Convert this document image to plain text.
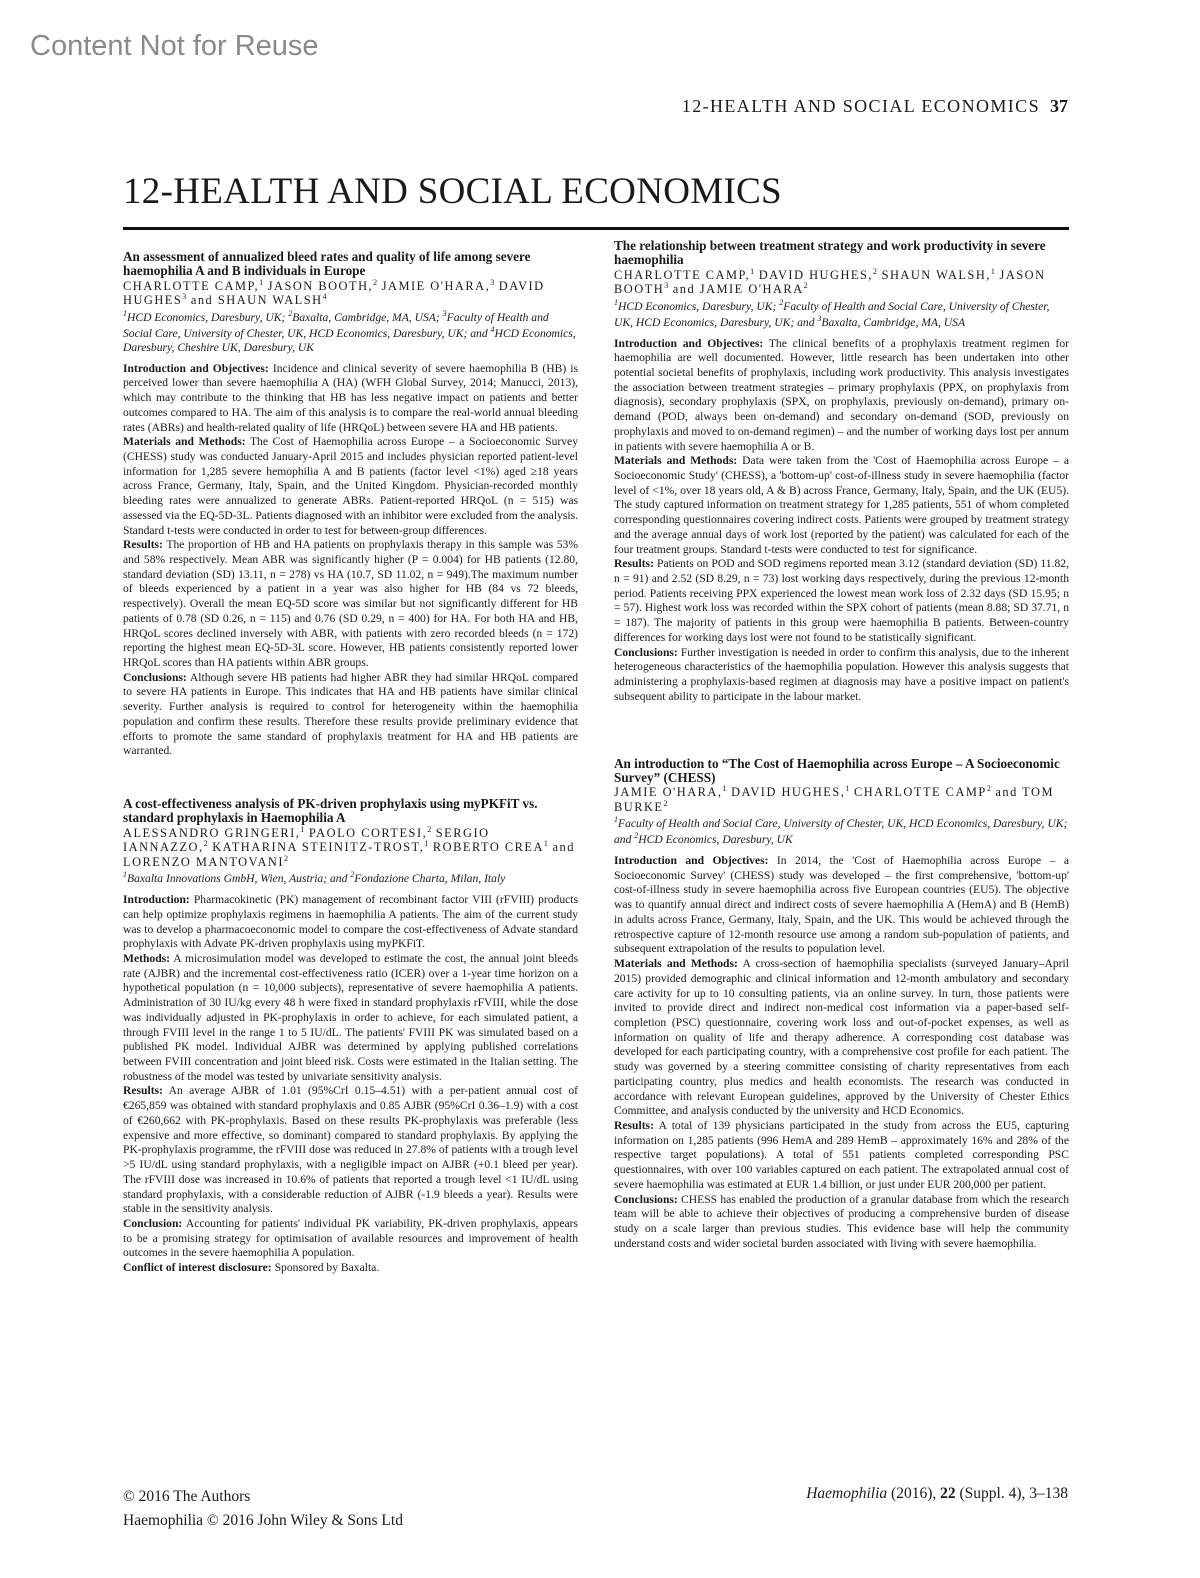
Content Not for Reuse
12-HEALTH AND SOCIAL ECONOMICS 37
12-HEALTH AND SOCIAL ECONOMICS
An assessment of annualized bleed rates and quality of life among severe haemophilia A and B individuals in Europe
CHARLOTTE CAMP,$^1$ JASON BOOTH,$^2$ JAMIE O'HARA,$^3$ DAVID HUGHES$^3$ and SHAUN WALSH$^4$
$^1$HCD Economics, Daresbury, UK; $^2$Baxalta, Cambridge, MA, USA; $^3$Faculty of Health and Social Care, University of Chester, UK, HCD Economics, Daresbury, UK; and $^4$HCD Economics, Daresbury, Cheshire UK, Daresbury, UK

Introduction and Objectives: Incidence and clinical severity of severe haemophilia B (HB) is perceived lower than severe haemophilia A (HA) (WFH Global Survey, 2014; Manucci, 2013), which may contribute to the thinking that HB has less negative impact on patients and better outcomes compared to HA. The aim of this analysis is to compare the real-world annual bleeding rates (ABRs) and health-related quality of life (HRQoL) between severe HA and HB patients.

Materials and Methods: The Cost of Haemophilia across Europe – a Socioeconomic Survey (CHESS) study was conducted January-April 2015 and includes physician reported patient-level information for 1,285 severe hemophilia A and B patients (factor level <1%) aged ≥18 years across France, Germany, Italy, Spain, and the United Kingdom. Physician-recorded monthly bleeding rates were annualized to generate ABRs. Patient-reported HRQoL (n = 515) was assessed via the EQ-5D-3L. Patients diagnosed with an inhibitor were excluded from the analysis. Standard t-tests were conducted in order to test for between-group differences.

Results: The proportion of HB and HA patients on prophylaxis therapy in this sample was 53% and 58% respectively. Mean ABR was significantly higher (P = 0.004) for HB patients (12.80, standard deviation (SD) 13.11, n = 278) vs HA (10.7, SD 11.02, n = 949).The maximum number of bleeds experienced by a patient in a year was also higher for HB (84 vs 72 bleeds, respectively). Overall the mean EQ-5D score was similar but not significantly different for HB patients of 0.78 (SD 0.26, n = 115) and 0.76 (SD 0.29, n = 400) for HA. For both HA and HB, HRQoL scores declined inversely with ABR, with patients with zero recorded bleeds (n = 172) reporting the highest mean EQ-5D-3L score. However, HB patients consistently reported lower HRQoL scores than HA patients within ABR groups.

Conclusions: Although severe HB patients had higher ABR they had similar HRQoL compared to severe HA patients in Europe. This indicates that HA and HB patients have similar clinical severity. Further analysis is required to control for heterogeneity within the haemophilia population and confirm these results. Therefore these results provide preliminary evidence that efforts to promote the same standard of prophylaxis treatment for HA and HB patients are warranted.

A cost-effectiveness analysis of PK-driven prophylaxis using myPKFiT vs. standard prophylaxis in Haemophilia A
ALESSANDRO GRINGERI,$^1$ PAOLO CORTESI,$^2$ SERGIO IANNAZZO,$^2$ KATHARINA STEINITZ-TROST,$^1$ ROBERTO CREA$^1$ and LORENZO MANTOVANI$^2$
$^1$Baxalta Innovations GmbH, Wien, Austria; and $^2$Fondazione Charta, Milan, Italy

Introduction: Pharmacokinetic (PK) management of recombinant factor VIII (rFVIII) products can help optimize prophylaxis regimens in haemophilia A patients. The aim of the current study was to develop a pharmacoeconomic model to compare the cost-effectiveness of Advate standard prophylaxis with Advate PK-driven prophylaxis using myPKFiT.

Methods: A microsimulation model was developed to estimate the cost, the annual joint bleeds rate (AJBR) and the incremental cost-effectiveness ratio (ICER) over a 1-year time horizon on a hypothetical population (n = 10,000 subjects), representative of severe haemophilia A patients. Administration of 30 IU/kg every 48 h were fixed in standard prophylaxis rFVIII, while the dose was individually adjusted in PK-prophylaxis in order to achieve, for each simulated patient, a through FVIII level in the range 1 to 5 IU/dL. The patients' FVIII PK was simulated based on a published PK model. Individual AJBR was determined by applying published correlations between FVIII concentration and joint bleed risk. Costs were estimated in the Italian setting. The robustness of the model was tested by univariate sensitivity analysis.

Results: An average AJBR of 1.01 (95%CrI 0.15–4.51) with a per-patient annual cost of €265,859 was obtained with standard prophylaxis and 0.85 AJBR (95%CrI 0.36–1.9) with a cost of €260,662 with PK-prophylaxis. Based on these results PK-prophylaxis was preferable (less expensive and more effective, so dominant) compared to standard prophylaxis. By applying the PK-prophylaxis programme, the rFVIII dose was reduced in 27.8% of patients with a trough level >5 IU/dL using standard prophylaxis, with a negligible impact on AJBR (+0.1 bleed per year). The rFVIII dose was increased in 10.6% of patients that reported a trough level <1 IU/dL using standard prophylaxis, with a considerable reduction of AJBR (-1.9 bleeds a year). Results were stable in the sensitivity analysis.

Conclusion: Accounting for patients' individual PK variability, PK-driven prophylaxis, appears to be a promising strategy for optimisation of available resources and improvement of health outcomes in the severe haemophilia A population.

Conflict of interest disclosure: Sponsored by Baxalta.

The relationship between treatment strategy and work productivity in severe haemophilia
CHARLOTTE CAMP,$^1$ DAVID HUGHES,$^2$ SHAUN WALSH,$^1$ JASON BOOTH$^3$ and JAMIE O'HARA$^2$
$^1$HCD Economics, Daresbury, UK; $^2$Faculty of Health and Social Care, University of Chester, UK, HCD Economics, Daresbury, UK; and $^3$Baxalta, Cambridge, MA, USA

Introduction and Objectives: The clinical benefits of a prophylaxis treatment regimen for haemophilia are well documented. However, little research has been undertaken into other potential societal benefits of prophylaxis, including work productivity. This analysis investigates the association between treatment strategies – primary prophylaxis (PPX, on prophylaxis from diagnosis), secondary prophylaxis (SPX, on prophylaxis, previously on-demand), primary on-demand (POD, always been on-demand) and secondary on-demand (SOD, previously on prophylaxis and moved to on-demand regimen) – and the number of working days lost per annum in patients with severe haemophilia A or B.

Materials and Methods: Data were taken from the 'Cost of Haemophilia across Europe – a Socioeconomic Study' (CHESS), a 'bottom-up' cost-of-illness study in severe haemophilia (factor level of <1%, over 18 years old, A & B) across France, Germany, Italy, Spain, and the UK (EU5). The study captured information on treatment strategy for 1,285 patients, 551 of whom completed corresponding questionnaires covering indirect costs. Patients were grouped by treatment strategy and the average annual days of work lost (reported by the patient) was calculated for each of the four treatment groups. Standard t-tests were conducted to test for significance.

Results: Patients on POD and SOD regimens reported mean 3.12 (standard deviation (SD) 11.82, n = 91) and 2.52 (SD 8.29, n = 73) lost working days respectively, during the previous 12-month period. Patients receiving PPX experienced the lowest mean work loss of 2.32 days (SD 15.95; n = 57). Highest work loss was recorded within the SPX cohort of patients (mean 8.88; SD 37.71, n = 187). The majority of patients in this group were haemophilia B patients. Between-country differences for working days lost were not found to be statistically significant.

Conclusions: Further investigation is needed in order to confirm this analysis, due to the inherent heterogeneous characteristics of the haemophilia population. However this analysis suggests that administering a prophylaxis-based regimen at diagnosis may have a positive impact on patient's subsequent ability to participate in the labour market.

An introduction to “The Cost of Haemophilia across Europe – A Socioeconomic Survey” (CHESS)
JAMIE O'HARA,$^1$ DAVID HUGHES,$^1$ CHARLOTTE CAMP$^2$ and TOM BURKE$^2$
$^1$Faculty of Health and Social Care, University of Chester, UK, HCD Economics, Daresbury, UK; and $^2$HCD Economics, Daresbury, UK

Introduction and Objectives: In 2014, the 'Cost of Haemophilia across Europe – a Socioeconomic Survey' (CHESS) study was developed – the first comprehensive, 'bottom-up' cost-of-illness study in severe haemophilia across five European countries (EU5). The objective was to quantify annual direct and indirect costs of severe haemophilia A (HemA) and B (HemB) in adults across France, Germany, Italy, Spain, and the UK. This would be achieved through the retrospective capture of 12-month resource use among a random sub-population of patients, and subsequent extrapolation of the results to population level.

Materials and Methods: A cross-section of haemophilia specialists (surveyed January–April 2015) provided demographic and clinical information and 12-month ambulatory and secondary care activity for up to 10 consulting patients, via an online survey. In turn, those patients were invited to provide direct and indirect non-medical cost information via a paper-based self-completion (PSC) questionnaire, covering work loss and out-of-pocket expenses, as well as information on quality of life and therapy adherence. A corresponding cost database was developed for each participating country, with a comprehensive cost profile for each patient. The study was governed by a steering committee consisting of charity representatives from each participating country, plus medics and health economists. The research was conducted in accordance with relevant European guidelines, approved by the University of Chester Ethics Committee, and analysis conducted by the university and HCD Economics.

Results: A total of 139 physicians participated in the study from across the EU5, capturing information on 1,285 patients (996 HemA and 289 HemB – approximately 16% and 28% of the respective target populations). A total of 551 patients completed corresponding PSC questionnaires, with over 100 variables captured on each patient. The extrapolated annual cost of severe haemophilia was estimated at EUR 1.4 billion, or just under EUR 200,000 per patient.

Conclusions: CHESS has enabled the production of a granular database from which the research team will be able to achieve their objectives of producing a comprehensive burden of disease study on a scale larger than previous studies. This evidence base will help the community understand costs and wider societal burden associated with living with severe haemophilia.

© 2016 The Authors
Haemophilia © 2016 John Wiley & Sons Ltd
Haemophilia (2016), 22 (Suppl. 4), 3–138
